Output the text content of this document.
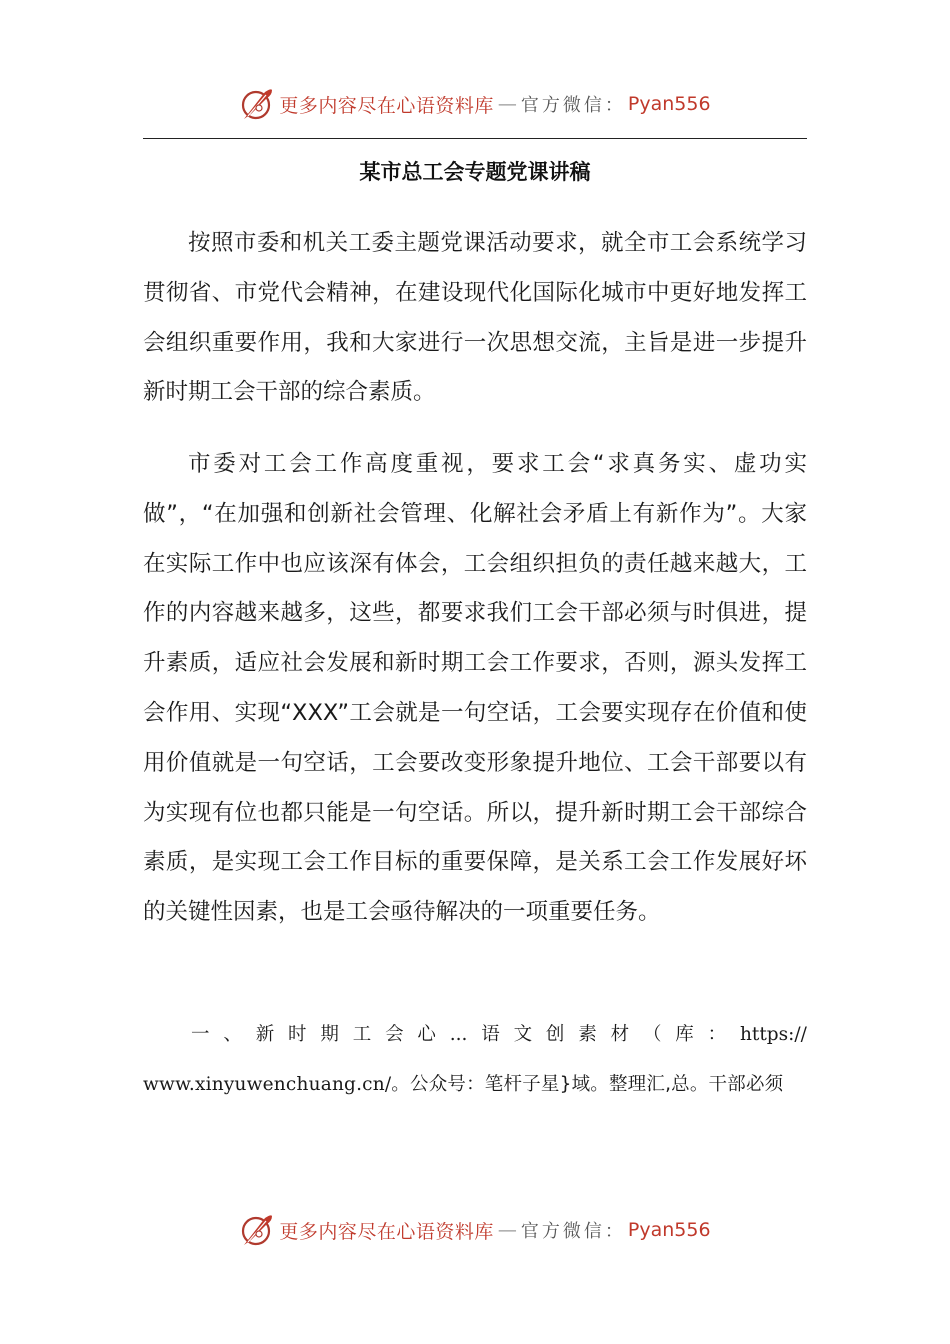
更多内容尽在心语资料库 — 官方微信： Pyan556
某市总工会专题党课讲稿

按照市委和机关工委主题党课活动要求，就全市工会系统学习贯彻省、市党代会精神，在建设现代化国际化城市中更好地发挥工会组织重要作用，我和大家进行一次思想交流，主旨是进一步提升新时期工会干部的综合素质。

市委对工会工作高度重视，要求工会“求真务实、虚功实做”，“在加强和创新社会管理、化解社会矛盾上有新作为”。大家在实际工作中也应该深有体会，工会组织担负的责任越来越大，工作的内容越来越多，这些，都要求我们工会干部必须与时俱进，提升素质，适应社会发展和新时期工会工作要求，否则，源头发挥工会作用、实现“XXX”工会就是一句空话，工会要实现存在价值和使用价值就是一句空话，工会要改变形象提升地位、工会干部要以有为实现有位也都只能是一句空话。所以，提升新时期工会干部综合素质，是实现工会工作目标的重要保障，是关系工会工作发展好坏的关键性因素，也是工会亟待解决的一项重要任务。

一 、 新 时 期 工 会 心 ... 语 文 创 素 材 （ 库 ： https://
www.xinyuwenchuang.cn/。公众号：笔杆子星}域。整理汇,总。干部必须
更多内容尽在心语资料库 — 官方微信： Pyan556
